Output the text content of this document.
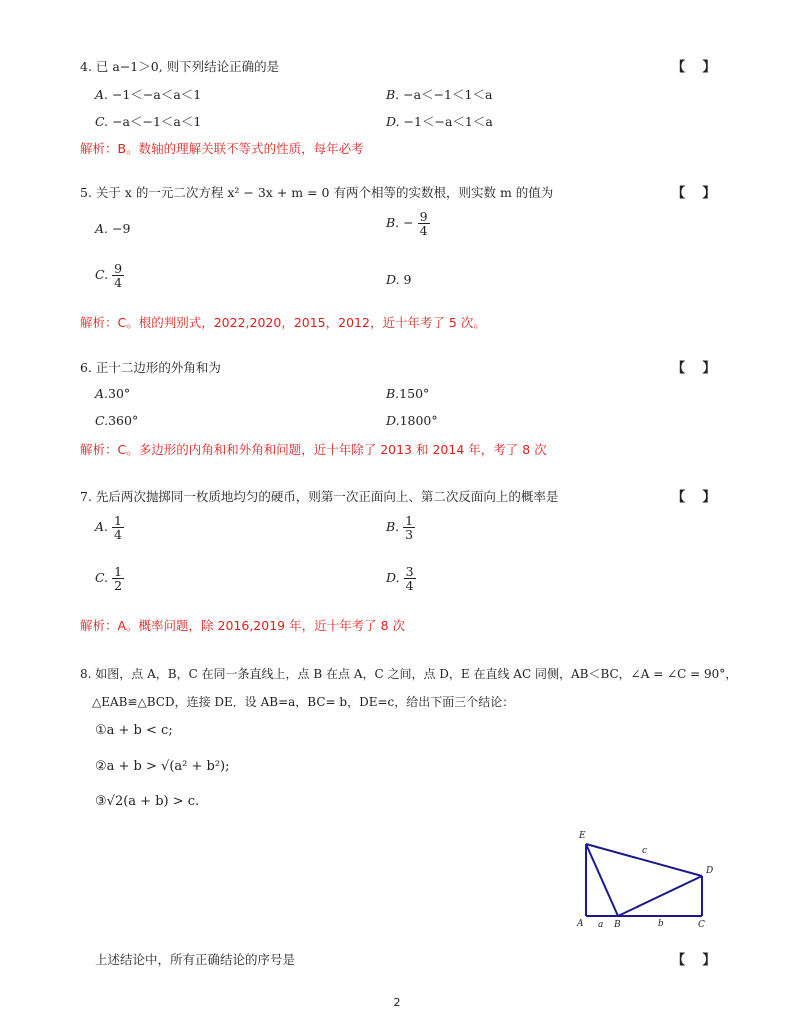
4. 已 a−1＞0, 则下列结论正确的是	【　 】
A. −1＜−a＜a＜1	B. −a＜−1＜1＜a
C. −a＜−1＜a＜1	D. −1＜−a＜1＜a
解析：B。数轴的理解关联不等式的性质，每年必考
5. 关于 x 的一元二次方程 x² − 3x + m = 0 有两个相等的实数根，则实数 m 的值为	【　 】
A. −9	B. − $\frac{9}{4}$
C. $\frac{9}{4}$	D. 9
解析：C。根的判别式，2022,2020，2015，2012，近十年考了 5 次。
6. 正十二边形的外角和为	【　 】
A.30°	B.150°
C.360°	D.1800°
解析：C。多边形的内角和和外角和问题，近十年除了 2013 和 2014 年，考了 8 次
7. 先后两次抛掷同一枚质地均匀的硬币，则第一次正面向上、第二次反面向上的概率是	【　 】
A. $\frac{1}{4}$	B. $\frac{1}{3}$
C. $\frac{1}{2}$	D. $\frac{3}{4}$
解析：A。概率问题，除 2016,2019 年，近十年考了 8 次
8. 如图，点 A，B，C 在同一条直线上，点 B 在点 A，C 之间，点 D，E 在直线 AC 同侧，AB＜BC，∠A = ∠C = 90°，
△EAB≌△BCD，连接 DE．设 AB=a，BC= b，DE=c，给出下面三个结论：
①a + b < c;
②a + b > √(a² + b²);
③√2(a + b) > c.
E
c
D
A a B	b	C
上述结论中，所有正确结论的序号是	【　 】
2
